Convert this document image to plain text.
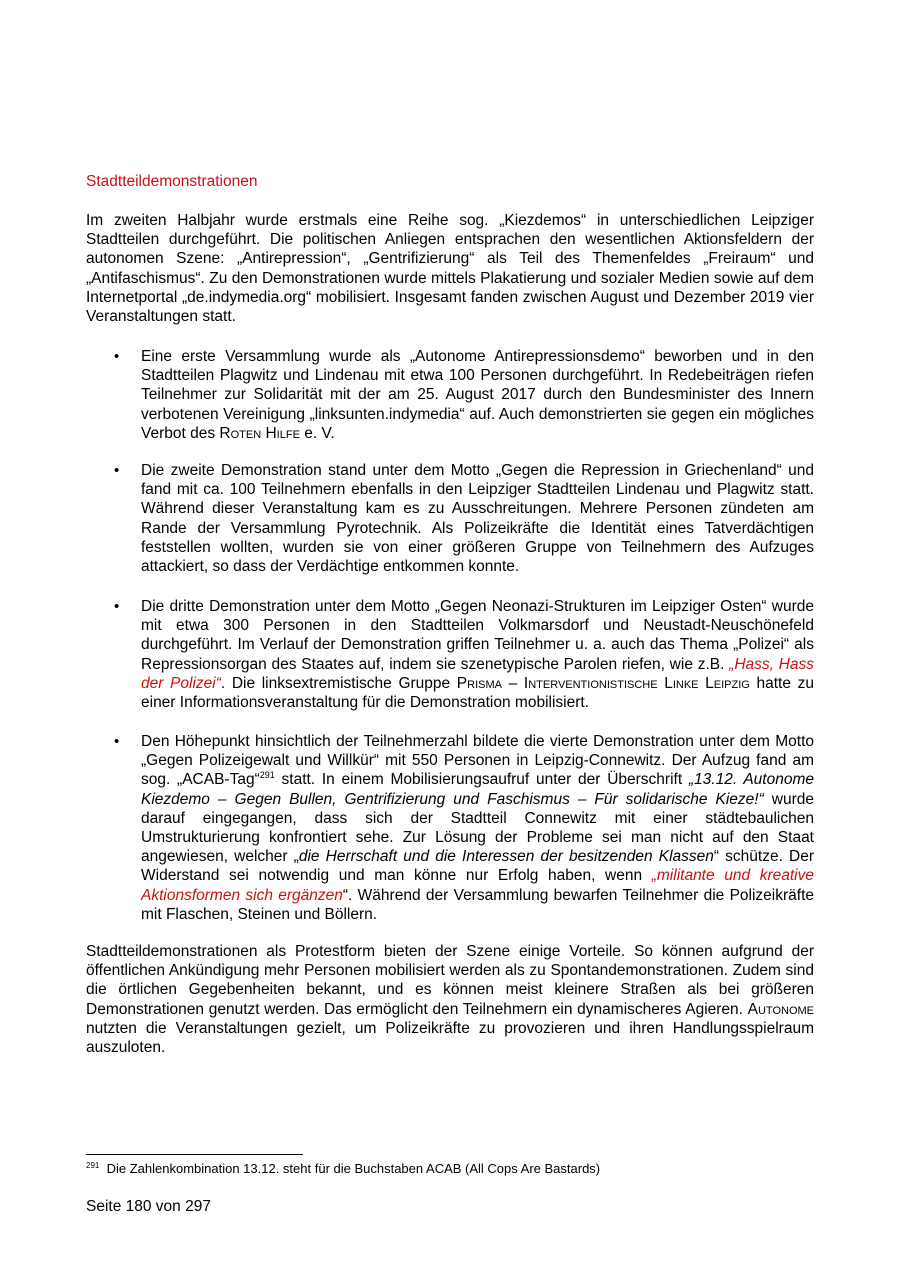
Stadtteildemonstrationen
Im zweiten Halbjahr wurde erstmals eine Reihe sog. „Kiezdemos“ in unterschiedlichen Leipziger Stadtteilen durchgeführt. Die politischen Anliegen entsprachen den wesentlichen Aktionsfeldern der autonomen Szene: „Antirepression“, „Gentrifizierung“ als Teil des Themenfeldes „Freiraum“ und „Antifaschismus“. Zu den Demonstrationen wurde mittels Plakatierung und sozialer Medien sowie auf dem Internetportal „de.indymedia.org“ mobilisiert. Insgesamt fanden zwischen August und Dezember 2019 vier Veranstaltungen statt.
• Eine erste Versammlung wurde als „Autonome Antirepressionsdemo“ beworben und in den Stadtteilen Plagwitz und Lindenau mit etwa 100 Personen durchgeführt. In Redebeiträgen riefen Teilnehmer zur Solidarität mit der am 25. August 2017 durch den Bundesminister des Innern verbotenen Vereinigung „linksunten.indymedia“ auf. Auch demonstrierten sie gegen ein mögliches Verbot des Roten Hilfe e. V.
• Die zweite Demonstration stand unter dem Motto „Gegen die Repression in Griechenland“ und fand mit ca. 100 Teilnehmern ebenfalls in den Leipziger Stadtteilen Lindenau und Plagwitz statt. Während dieser Veranstaltung kam es zu Ausschreitungen. Mehrere Personen zündeten am Rande der Versammlung Pyrotechnik. Als Polizeikräfte die Identität eines Tatverdächtigen feststellen wollten, wurden sie von einer größeren Gruppe von Teilnehmern des Aufzuges attackiert, so dass der Verdächtige entkommen konnte.
• Die dritte Demonstration unter dem Motto „Gegen Neonazi-Strukturen im Leipziger Osten“ wurde mit etwa 300 Personen in den Stadtteilen Volkmarsdorf und Neustadt-Neuschönefeld durchgeführt. Im Verlauf der Demonstration griffen Teilnehmer u. a. auch das Thema „Polizei“ als Repressionsorgan des Staates auf, indem sie szenetypische Parolen riefen, wie z.B. „Hass, Hass der Polizei“. Die linksextremistische Gruppe Prisma – Interventionistische Linke Leipzig hatte zu einer Informationsveranstaltung für die Demonstration mobilisiert.
• Den Höhepunkt hinsichtlich der Teilnehmerzahl bildete die vierte Demonstration unter dem Motto „Gegen Polizeigewalt und Willkür“ mit 550 Personen in Leipzig-Connewitz. Der Aufzug fand am sog. „ACAB-Tag“$^{291}$ statt. In einem Mobilisierungsaufruf unter der Überschrift „13.12. Autonome Kiezdemo – Gegen Bullen, Gentrifizierung und Faschismus – Für solidarische Kieze!“ wurde darauf eingegangen, dass sich der Stadtteil Connewitz mit einer städtebaulichen Umstrukturierung konfrontiert sehe. Zur Lösung der Probleme sei man nicht auf den Staat angewiesen, welcher „die Herrschaft und die Interessen der besitzenden Klassen“ schütze. Der Widerstand sei notwendig und man könne nur Erfolg haben, wenn „militante und kreative Aktionsformen sich ergänzen“. Während der Versammlung bewarfen Teilnehmer die Polizeikräfte mit Flaschen, Steinen und Böllern.
Stadtteildemonstrationen als Protestform bieten der Szene einige Vorteile. So können aufgrund der öffentlichen Ankündigung mehr Personen mobilisiert werden als zu Spontandemonstrationen. Zudem sind die örtlichen Gegebenheiten bekannt, und es können meist kleinere Straßen als bei größeren Demonstrationen genutzt werden. Das ermöglicht den Teilnehmern ein dynamischeres Agieren. Autonome nutzten die Veranstaltungen gezielt, um Polizeikräfte zu provozieren und ihren Handlungsspielraum auszuloten.
$^{291}$ Die Zahlenkombination 13.12. steht für die Buchstaben ACAB (All Cops Are Bastards)
Seite 180 von 297
